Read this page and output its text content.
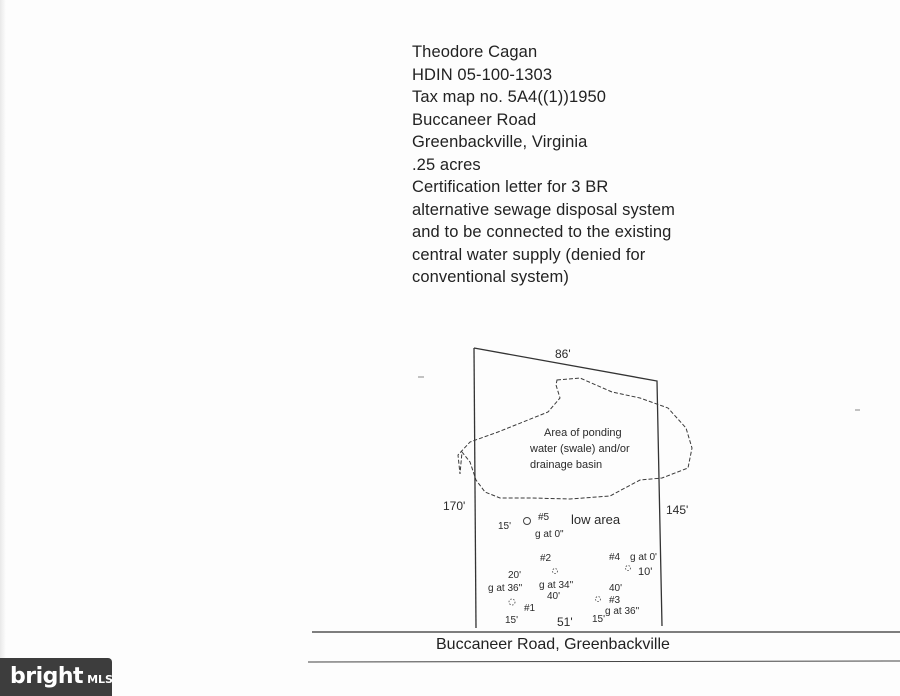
Theodore Cagan
HDIN 05-100-1303
Tax map no. 5A4((1))1950
Buccaneer Road
Greenbackville, Virginia
.25 acres
Certification letter for 3 BR
alternative sewage disposal system
and to be connected to the existing
central water supply (denied for
conventional system)
86'
170'	145'
51'
Area of ponding
water (swale) and/or
drainage basin
low area
#5
15'
g at 0"
#2
g at 34"
40'
#4 g at 0'
10'
20'
g at 36"
#1
15'
40'
#3
g at 36"
15'
Buccaneer Road, Greenbackville
bright MLS
